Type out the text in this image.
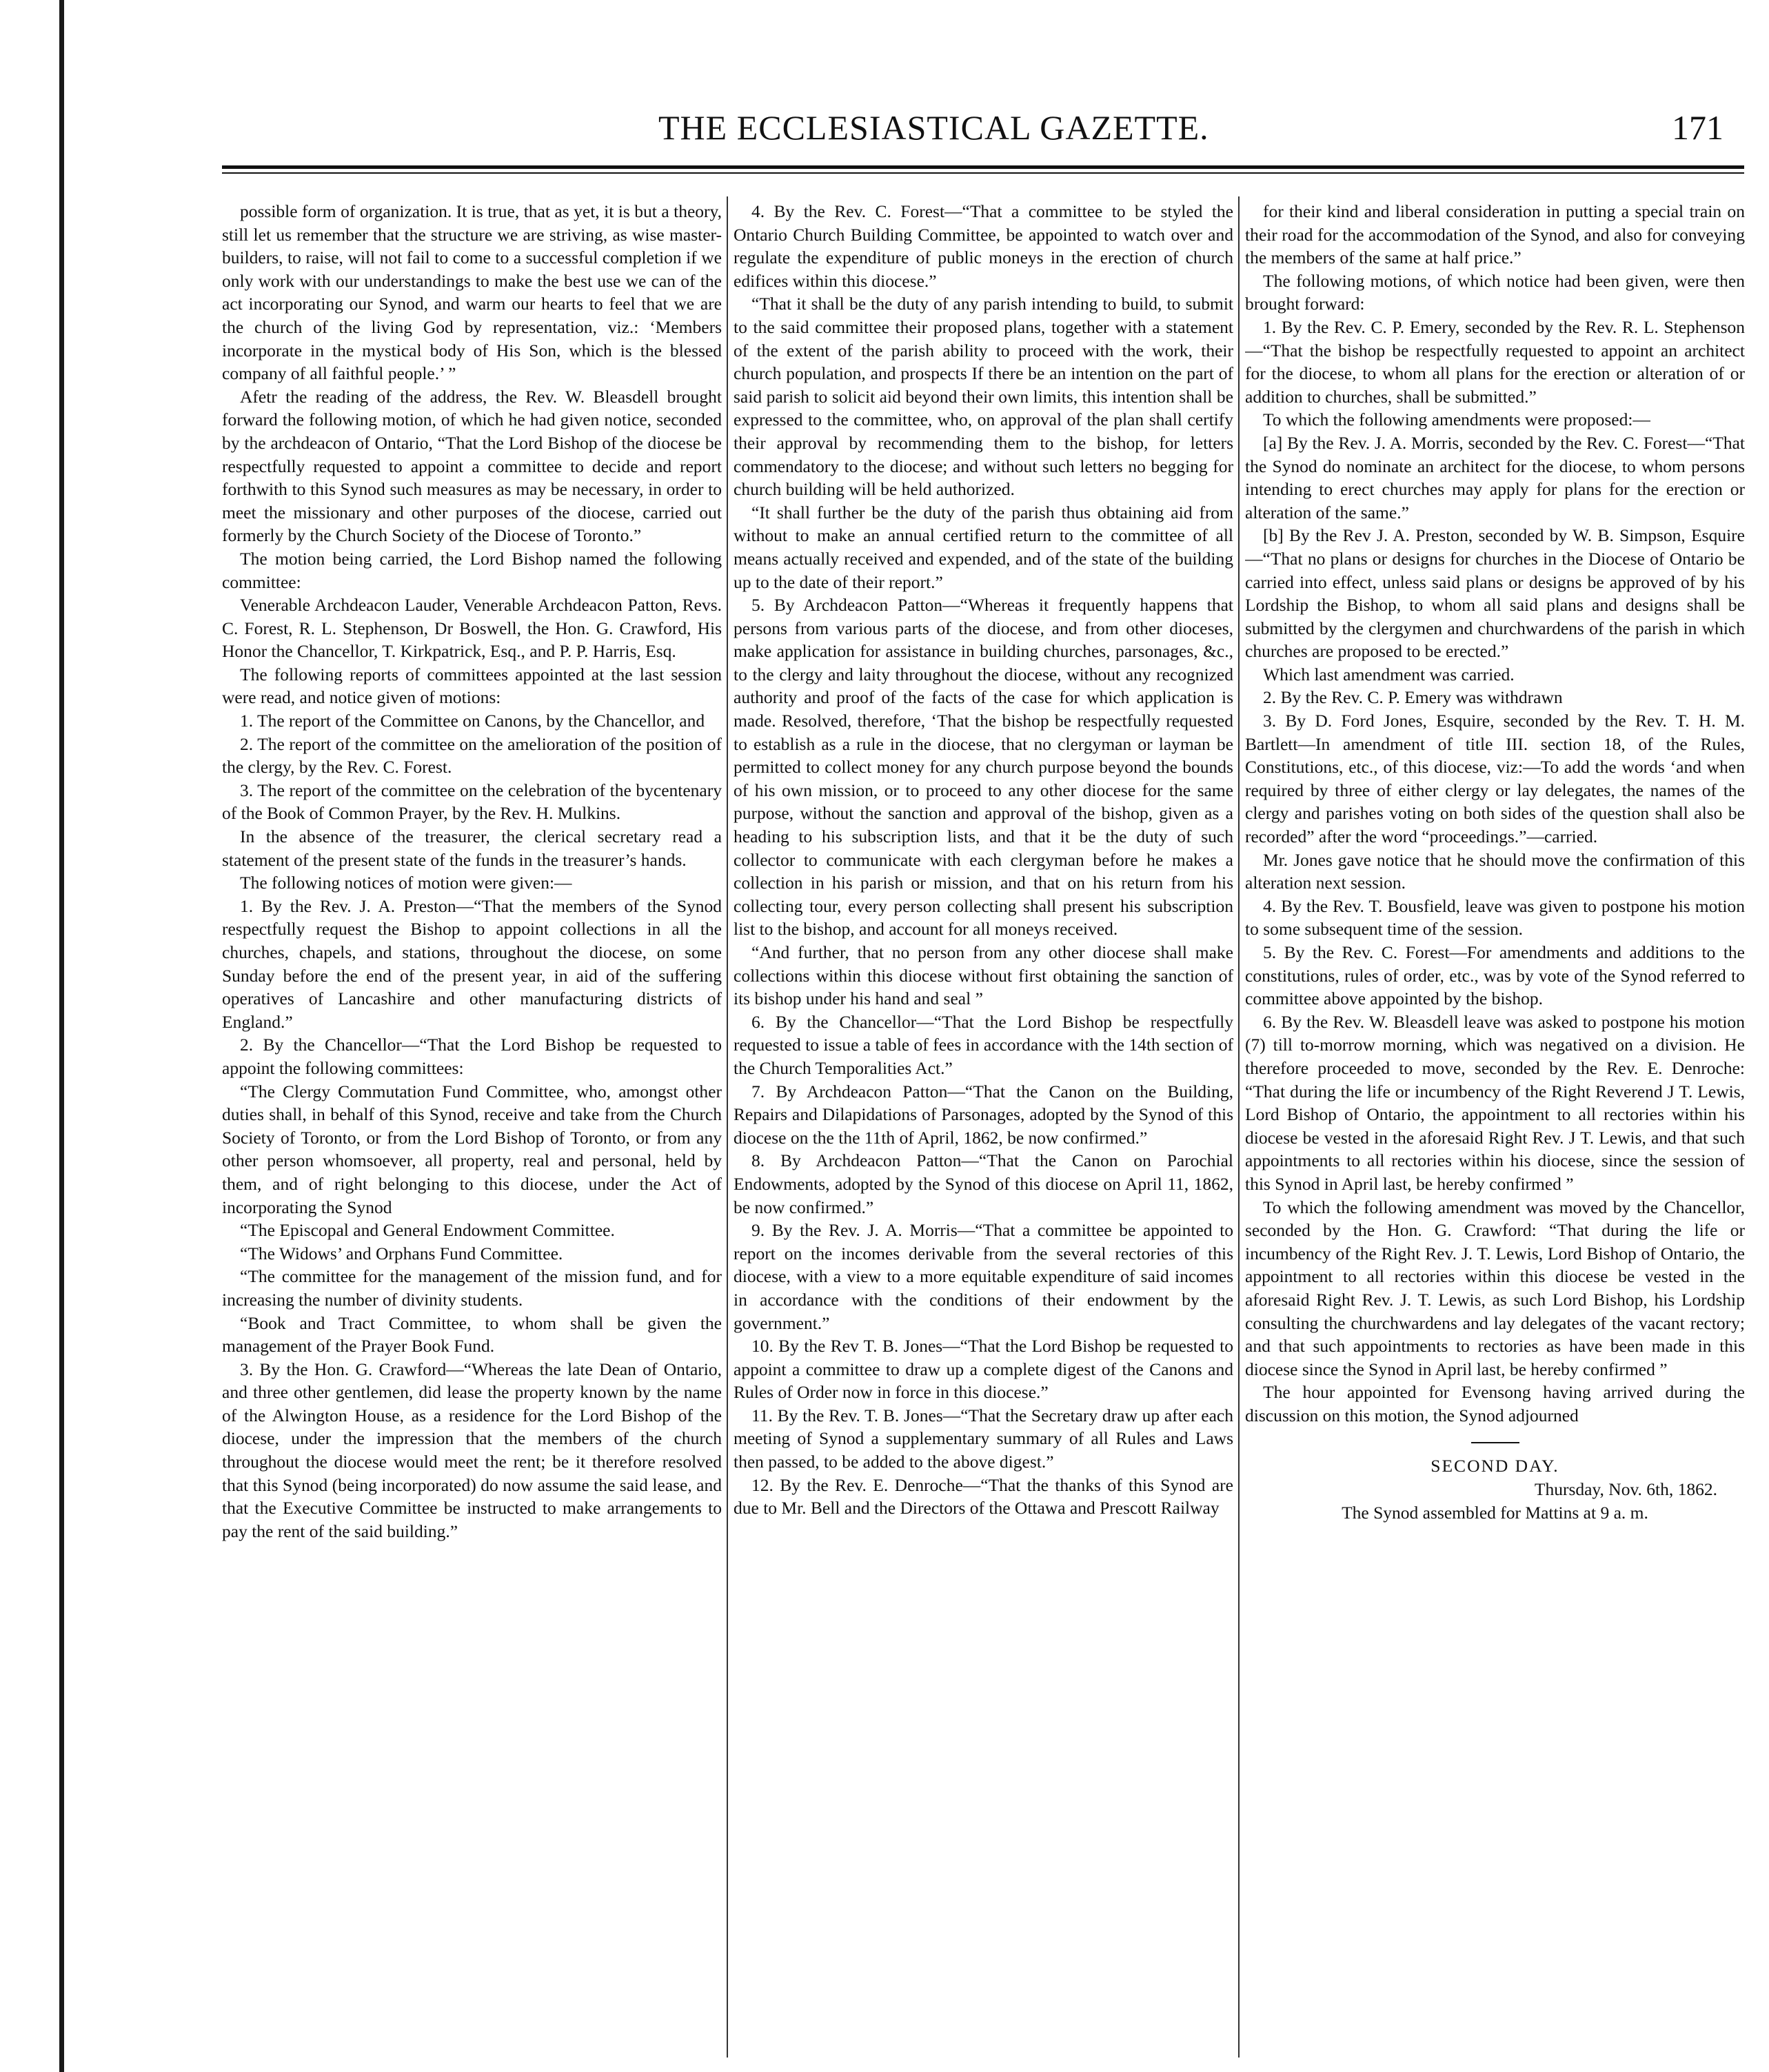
THE ECCLESIASTICAL GAZETTE.	171

possible form of organization. It is true, that as yet, it is but a theory, still let us remember that the structure we are striving, as wise master-builders, to raise, will not fail to come to a successful completion if we only work with our understandings to make the best use we can of the act incorporating our Synod, and warm our hearts to feel that we are the church of the living God by representation, viz.: ‘Members incorporate in the mystical body of His Son, which is the blessed company of all faithful people.’ ”

Afetr the reading of the address, the Rev. W. Bleasdell brought forward the following motion, of which he had given notice, seconded by the archdeacon of Ontario, “That the Lord Bishop of the diocese be respectfully requested to appoint a committee to decide and report forthwith to this Synod such measures as may be necessary, in order to meet the missionary and other purposes of the diocese, carried out formerly by the Church Society of the Diocese of Toronto.”

The motion being carried, the Lord Bishop named the following committee:

Venerable Archdeacon Lauder, Venerable Archdeacon Patton, Revs. C. Forest, R. L. Stephenson, Dr Boswell, the Hon. G. Crawford, His Honor the Chancellor, T. Kirkpatrick, Esq., and P. P. Harris, Esq.

The following reports of committees appointed at the last session were read, and notice given of motions:

1. The report of the Committee on Canons, by the Chancellor, and

2. The report of the committee on the amelioration of the position of the clergy, by the Rev. C. Forest.

3. The report of the committee on the celebration of the bycentenary of the Book of Common Prayer, by the Rev. H. Mulkins.

In the absence of the treasurer, the clerical secretary read a statement of the present state of the funds in the treasurer’s hands.

The following notices of motion were given:—

1. By the Rev. J. A. Preston—“That the members of the Synod respectfully request the Bishop to appoint collections in all the churches, chapels, and stations, throughout the diocese, on some Sunday before the end of the present year, in aid of the suffering operatives of Lancashire and other manufacturing districts of England.”

2. By the Chancellor—“That the Lord Bishop be requested to appoint the following committees:

“The Clergy Commutation Fund Committee, who, amongst other duties shall, in behalf of this Synod, receive and take from the Church Society of Toronto, or from the Lord Bishop of Toronto, or from any other person whomsoever, all property, real and personal, held by them, and of right belonging to this diocese, under the Act of incorporating the Synod

“The Episcopal and General Endowment Committee.

“The Widows’ and Orphans Fund Committee.

“The committee for the management of the mission fund, and for increasing the number of divinity students.

“Book and Tract Committee, to whom shall be given the management of the Prayer Book Fund.

3. By the Hon. G. Crawford—“Whereas the late Dean of Ontario, and three other gentlemen, did lease the property known by the name of the Alwington House, as a residence for the Lord Bishop of the diocese, under the impression that the members of the church throughout the diocese would meet the rent; be it therefore resolved that this Synod (being incorporated) do now assume the said lease, and that the Executive Committee be instructed to make arrangements to pay the rent of the said building.”

4. By the Rev. C. Forest—“That a committee to be styled the Ontario Church Building Committee, be appointed to watch over and regulate the expenditure of public moneys in the erection of church edifices within this diocese.”

“That it shall be the duty of any parish intending to build, to submit to the said committee their proposed plans, together with a statement of the extent of the parish ability to proceed with the work, their church population, and prospects If there be an intention on the part of said parish to solicit aid beyond their own limits, this intention shall be expressed to the committee, who, on approval of the plan shall certify their approval by recommending them to the bishop, for letters commendatory to the diocese; and without such letters no begging for church building will be held authorized.

“It shall further be the duty of the parish thus obtaining aid from without to make an annual certified return to the committee of all means actually received and expended, and of the state of the building up to the date of their report.”

5. By Archdeacon Patton—“Whereas it frequently happens that persons from various parts of the diocese, and from other dioceses, make application for assistance in building churches, parsonages, &c., to the clergy and laity throughout the diocese, without any recognized authority and proof of the facts of the case for which application is made. Resolved, therefore, ‘That the bishop be respectfully requested to establish as a rule in the diocese, that no clergyman or layman be permitted to collect money for any church purpose beyond the bounds of his own mission, or to proceed to any other diocese for the same purpose, without the sanction and approval of the bishop, given as a heading to his subscription lists, and that it be the duty of such collector to communicate with each clergyman before he makes a collection in his parish or mission, and that on his return from his collecting tour, every person collecting shall present his subscription list to the bishop, and account for all moneys received.

“And further, that no person from any other diocese shall make collections within this diocese without first obtaining the sanction of its bishop under his hand and seal ”

6. By the Chancellor—“That the Lord Bishop be respectfully requested to issue a table of fees in accordance with the 14th section of the Church Temporalities Act.”

7. By Archdeacon Patton—“That the Canon on the Building, Repairs and Dilapidations of Parsonages, adopted by the Synod of this diocese on the the 11th of April, 1862, be now confirmed.”

8. By Archdeacon Patton—“That the Canon on Parochial Endowments, adopted by the Synod of this diocese on April 11, 1862, be now confirmed.”

9. By the Rev. J. A. Morris—“That a committee be appointed to report on the incomes derivable from the several rectories of this diocese, with a view to a more equitable expenditure of said incomes in accordance with the conditions of their endowment by the government.”

10. By the Rev T. B. Jones—“That the Lord Bishop be requested to appoint a committee to draw up a complete digest of the Canons and Rules of Order now in force in this diocese.”

11. By the Rev. T. B. Jones—“That the Secretary draw up after each meeting of Synod a supplementary summary of all Rules and Laws then passed, to be added to the above digest.”

12. By the Rev. E. Denroche—“That the thanks of this Synod are due to Mr. Bell and the Directors of the Ottawa and Prescott Railway

for their kind and liberal consideration in putting a special train on their road for the accommodation of the Synod, and also for conveying the members of the same at half price.”

The following motions, of which notice had been given, were then brought forward:

1. By the Rev. C. P. Emery, seconded by the Rev. R. L. Stephenson—“That the bishop be respectfully requested to appoint an architect for the diocese, to whom all plans for the erection or alteration of or addition to churches, shall be submitted.”

To which the following amendments were proposed:—

[a] By the Rev. J. A. Morris, seconded by the Rev. C. Forest—“That the Synod do nominate an architect for the diocese, to whom persons intending to erect churches may apply for plans for the erection or alteration of the same.”

[b] By the Rev J. A. Preston, seconded by W. B. Simpson, Esquire—“That no plans or designs for churches in the Diocese of Ontario be carried into effect, unless said plans or designs be approved of by his Lordship the Bishop, to whom all said plans and designs shall be submitted by the clergymen and churchwardens of the parish in which churches are proposed to be erected.”

Which last amendment was carried.

2. By the Rev. C. P. Emery was withdrawn

3. By D. Ford Jones, Esquire, seconded by the Rev. T. H. M. Bartlett—In amendment of title III. section 18, of the Rules, Constitutions, etc., of this diocese, viz:—To add the words ‘and when required by three of either clergy or lay delegates, the names of the clergy and parishes voting on both sides of the question shall also be recorded” after the word “proceedings.”—carried.

Mr. Jones gave notice that he should move the confirmation of this alteration next session.

4. By the Rev. T. Bousfield, leave was given to postpone his motion to some subsequent time of the session.

5. By the Rev. C. Forest—For amendments and additions to the constitutions, rules of order, etc., was by vote of the Synod referred to committee above appointed by the bishop.

6. By the Rev. W. Bleasdell leave was asked to postpone his motion (7) till to-morrow morning, which was negatived on a division. He therefore proceeded to move, seconded by the Rev. E. Denroche: “That during the life or incumbency of the Right Reverend J T. Lewis, Lord Bishop of Ontario, the appointment to all rectories within his diocese be vested in the aforesaid Right Rev. J T. Lewis, and that such appointments to all rectories within his diocese, since the session of this Synod in April last, be hereby confirmed ”

To which the following amendment was moved by the Chancellor, seconded by the Hon. G. Crawford: “That during the life or incumbency of the Right Rev. J. T. Lewis, Lord Bishop of Ontario, the appointment to all rectories within this diocese be vested in the aforesaid Right Rev. J. T. Lewis, as such Lord Bishop, his Lordship consulting the churchwardens and lay delegates of the vacant rectory; and that such appointments to rectories as have been made in this diocese since the Synod in April last, be hereby confirmed ”

The hour appointed for Evensong having arrived during the discussion on this motion, the Synod adjourned

SECOND DAY.

Thursday, Nov. 6th, 1862.

The Synod assembled for Mattins at 9 a. m.
